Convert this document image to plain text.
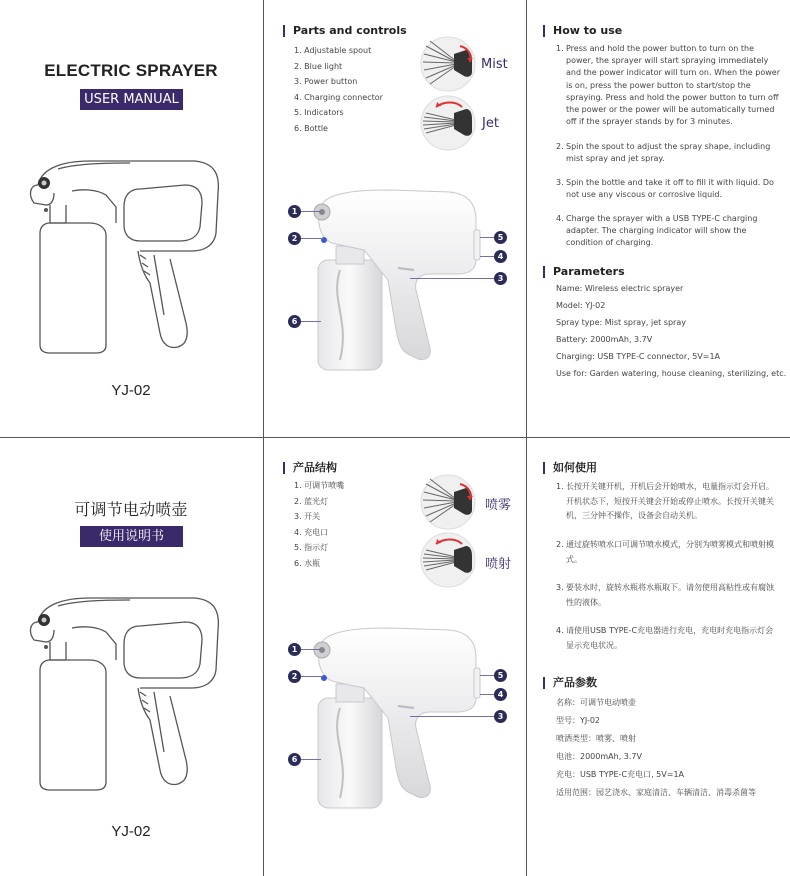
ELECTRIC SPRAYER
USER MANUAL
YJ-02
Parts and controls
1. Adjustable spout
2. Blue light
3. Power button
4. Charging connector
5. Indicators
6. Bottle
Mist
Jet
1
2	5
4
3
6
How to use
1. Press and hold the power button to turn on the power, the sprayer will start spraying immediately and the power indicator will turn on. When the power is on, press the power button to start/stop the spraying. Press and hold the power button to turn off the power or the power will be automatically turned off if the sprayer stands by for 3 minutes.
2. Spin the spout to adjust the spray shape, including mist spray and jet spray.
3. Spin the bottle and take it off to fill it with liquid. Do not use any viscous or corrosive liquid.
4. Charge the sprayer with a USB TYPE-C charging adapter. The charging indicator will show the condition of charging.
Parameters
Name: Wireless electric sprayer
Model: YJ-02
Spray type: Mist spray, jet spray
Battery: 2000mAh, 3.7V
Charging: USB TYPE-C connector, 5V=1A
Use for: Garden watering, house cleaning, sterilizing, etc.
可调节电动喷壶
使用说明书
YJ-02
产品结构
1. 可调节喷嘴
2. 蓝光灯
3. 开关
4. 充电口
5. 指示灯
6. 水瓶
喷雾
喷射
1
2	5
4
3
6
如何使用
1. 长按开关键开机，开机后会开始喷水，电量指示灯会开启。开机状态下，短按开关键会开始或停止喷水。长按开关键关机，三分钟不操作，设备会自动关机。
2. 通过旋转喷水口可调节喷水模式，分别为喷雾模式和喷射模式。
3. 要装水时，旋转水瓶将水瓶取下。请勿使用高粘性或有腐蚀性的液体。
4. 请使用USB TYPE-C充电器进行充电，充电时充电指示灯会显示充电状况。
产品参数
名称：可调节电动喷壶
型号：YJ-02
喷洒类型：喷雾、喷射
电池：2000mAh, 3.7V
充电：USB TYPE-C充电口, 5V=1A
适用范围：园艺浇水、家庭清洁、车辆清洁、消毒杀菌等
